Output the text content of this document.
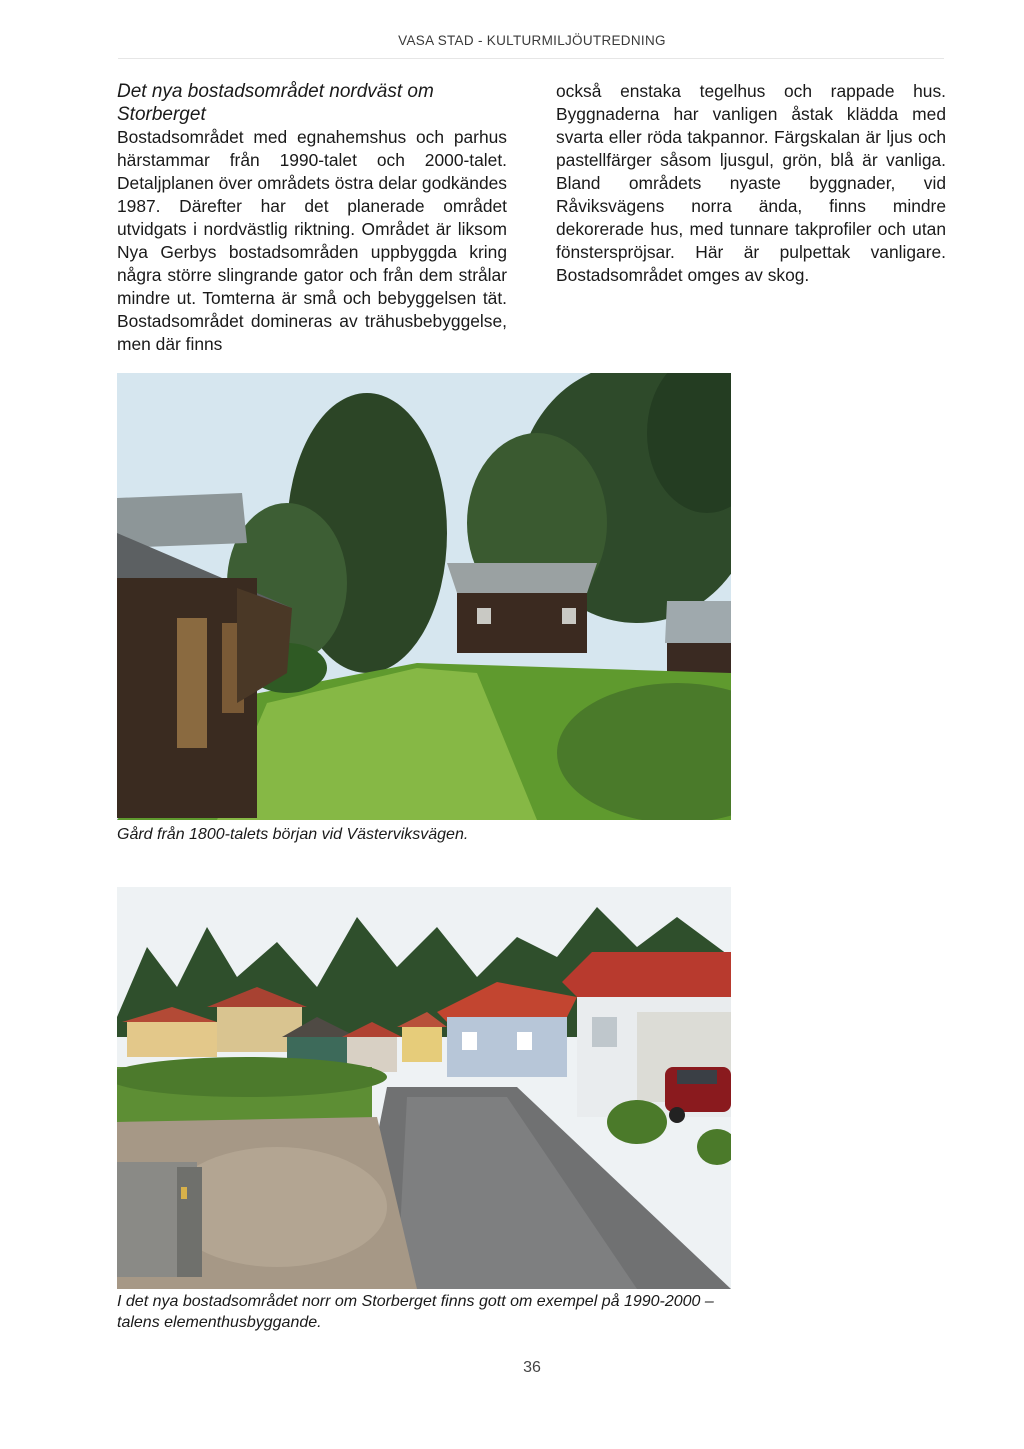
VASA STAD - KULTURMILJÖUTREDNING
Det nya bostadsområdet nordväst om Storberget

Bostadsområdet med egnahemshus och parhus härstammar från 1990-talet och 2000-talet. Detaljplanen över områdets östra delar godkändes 1987. Därefter har det planerade området utvidgats i nordvästlig riktning. Området är liksom Nya Gerbys bostadsområden uppbyggda kring några större slingrande gator och från dem strålar mindre ut. Tomterna är små och bebyggelsen tät. Bostadsområdet domineras av trähusbebyggelse, men där finns

också enstaka tegelhus och rappade hus. Byggnaderna har vanligen åstak klädda med svarta eller röda takpannor. Färgskalan är ljus och pastellfärger såsom ljusgul, grön, blå är vanliga. Bland områdets nyaste byggnader, vid Råviksvägens norra ända, finns mindre dekorerade hus, med tunnare takprofiler och utan fönsterspröjsar. Här är pulpettak vanligare. Bostadsområdet omges av skog.

Gård från 1800-talets början vid Västerviksvägen.
I det nya bostadsområdet norr om Storberget finns gott om exempel på 1990-2000 – talens elementhusbyggande.
36
